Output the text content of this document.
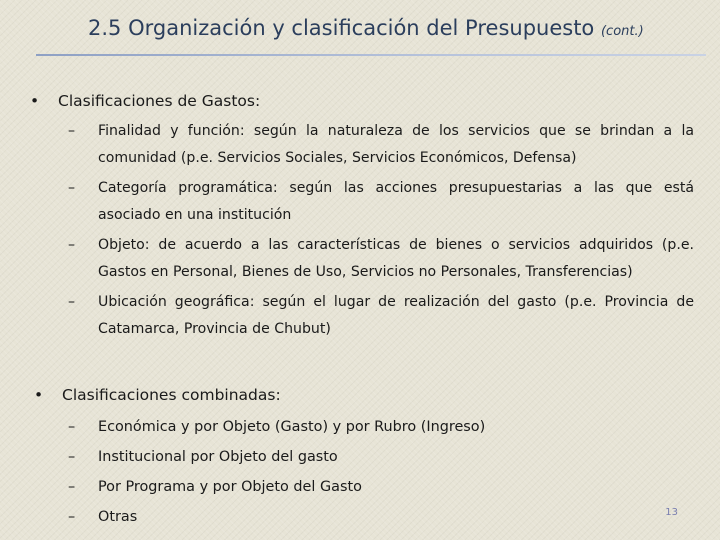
2.5 Organización y clasificación del Presupuesto (cont.)
• Clasificaciones de Gastos:
– Finalidad y función: según la naturaleza de los servicios que se brindan a la comunidad (p.e. Servicios Sociales, Servicios Económicos, Defensa)
– Categoría programática: según las acciones presupuestarias a las que está asociado en una institución
– Objeto: de acuerdo a las características de bienes o servicios adquiridos (p.e. Gastos en Personal, Bienes de Uso, Servicios no Personales, Transferencias)
– Ubicación geográfica: según el lugar de realización del gasto (p.e. Provincia de Catamarca, Provincia de Chubut)
• Clasificaciones combinadas:
– Económica y por Objeto (Gasto) y por Rubro (Ingreso)
– Institucional por Objeto del gasto
– Por Programa y por Objeto del Gasto
– Otras	13
